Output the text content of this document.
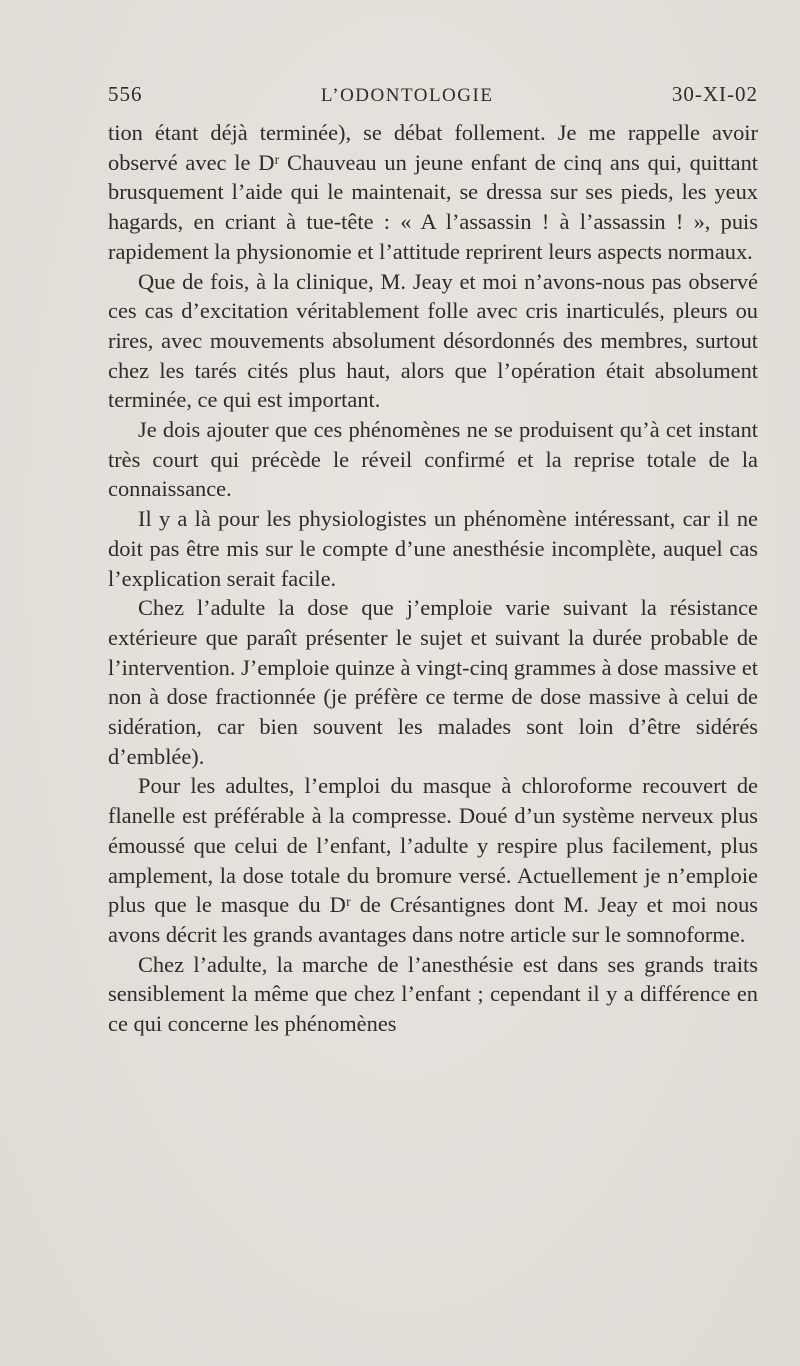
556	L’ODONTOLOGIE	30-XI-02

tion étant déjà terminée), se débat follement. Je me rappelle avoir observé avec le Dʳ Chauveau un jeune enfant de cinq ans qui, quittant brusquement l’aide qui le maintenait, se dressa sur ses pieds, les yeux hagards, en criant à tue-tête : « A l’assassin ! à l’assassin ! », puis rapidement la physionomie et l’attitude reprirent leurs aspects normaux.

Que de fois, à la clinique, M. Jeay et moi n’avons-nous pas observé ces cas d’excitation véritablement folle avec cris inarticulés, pleurs ou rires, avec mouvements absolument désordonnés des membres, surtout chez les tarés cités plus haut, alors que l’opération était absolument terminée, ce qui est important.

Je dois ajouter que ces phénomènes ne se produisent qu’à cet instant très court qui précède le réveil confirmé et la reprise totale de la connaissance.

Il y a là pour les physiologistes un phénomène intéressant, car il ne doit pas être mis sur le compte d’une anesthésie incomplète, auquel cas l’explication serait facile.

Chez l’adulte la dose que j’emploie varie suivant la résistance extérieure que paraît présenter le sujet et suivant la durée probable de l’intervention. J’emploie quinze à vingt-cinq grammes à dose massive et non à dose fractionnée (je préfère ce terme de dose massive à celui de sidération, car bien souvent les malades sont loin d’être sidérés d’emblée).

Pour les adultes, l’emploi du masque à chloroforme recouvert de flanelle est préférable à la compresse. Doué d’un système nerveux plus émoussé que celui de l’enfant, l’adulte y respire plus facilement, plus amplement, la dose totale du bromure versé. Actuellement je n’emploie plus que le masque du Dʳ de Crésantignes dont M. Jeay et moi nous avons décrit les grands avantages dans notre article sur le somnoforme.

Chez l’adulte, la marche de l’anesthésie est dans ses grands traits sensiblement la même que chez l’enfant ; cependant il y a différence en ce qui concerne les phénomènes
